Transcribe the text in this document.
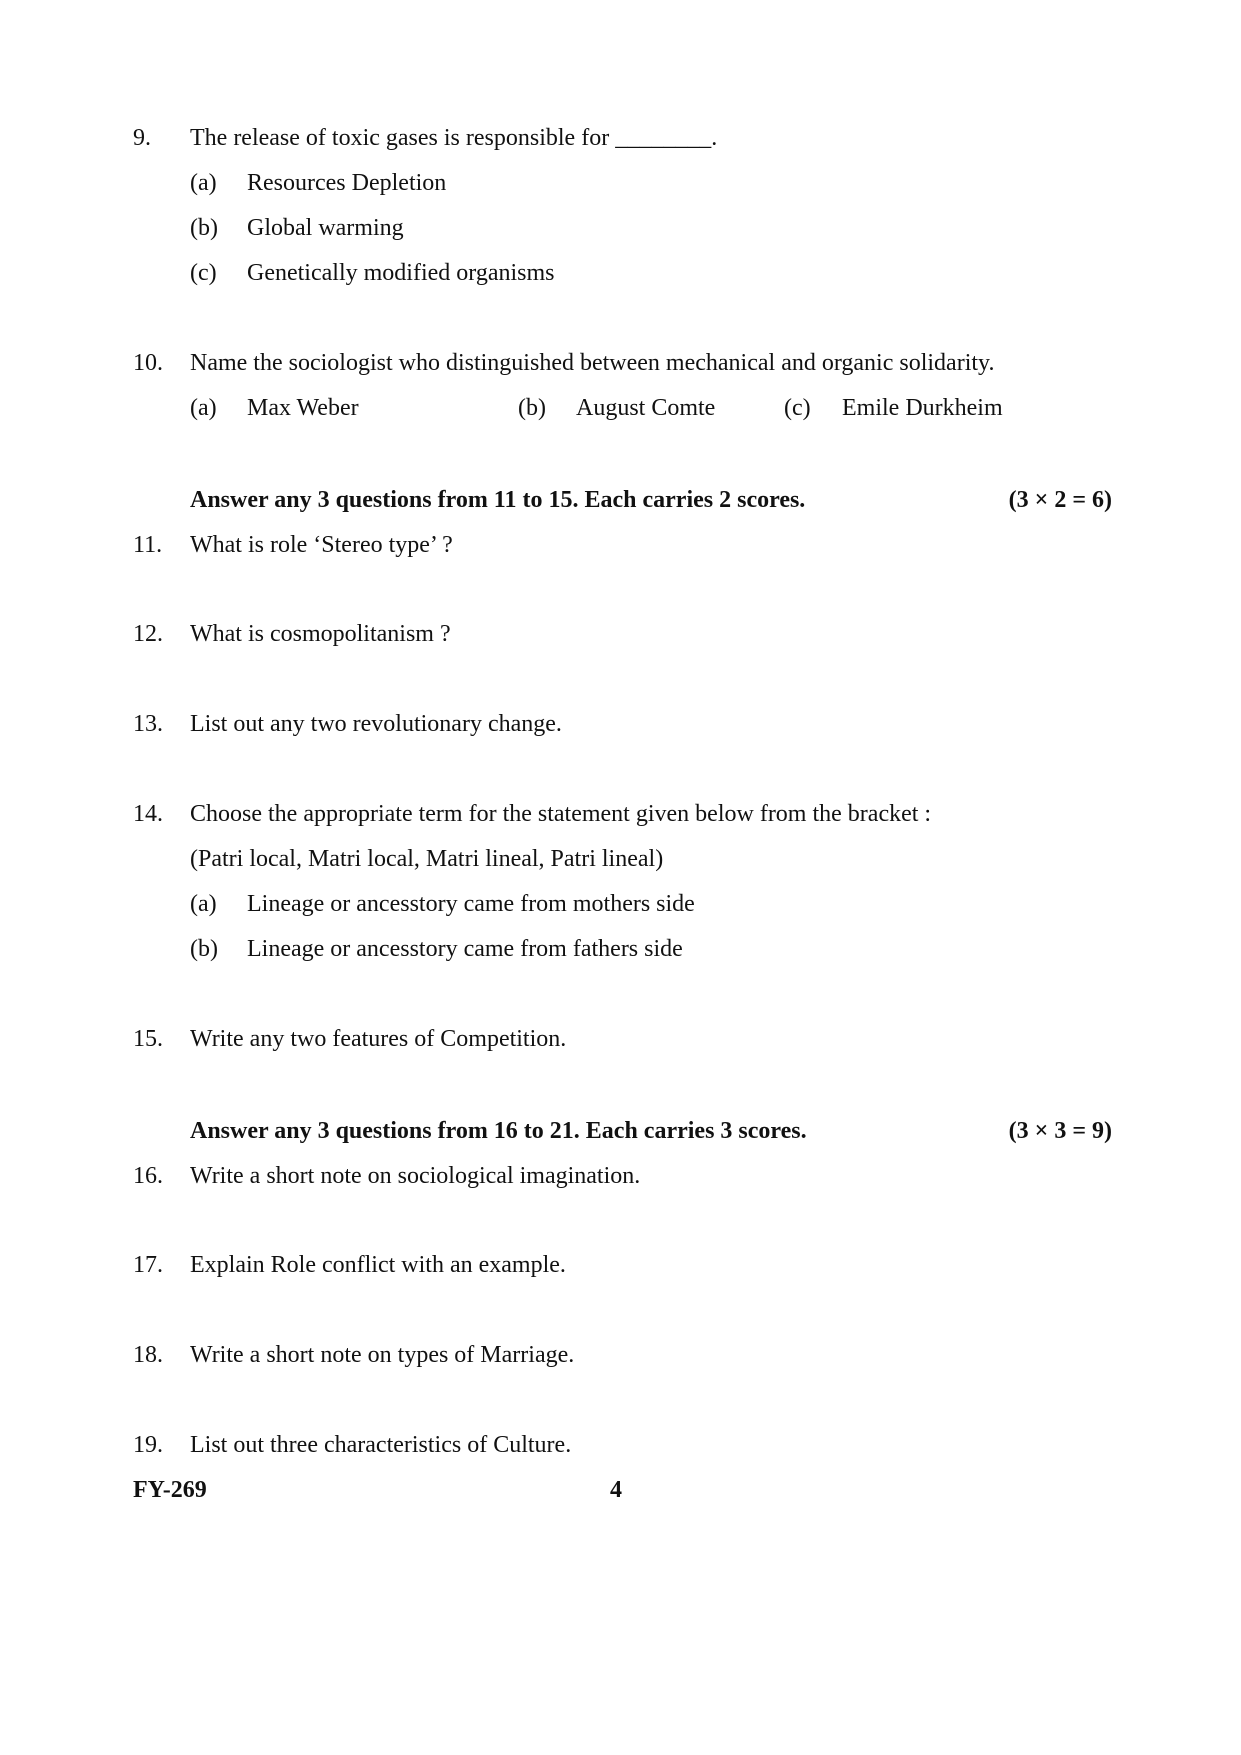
9. The release of toxic gases is responsible for ________.
(a) Resources Depletion
(b) Global warming
(c) Genetically modified organisms
10. Name the sociologist who distinguished between mechanical and organic solidarity.
(a) Max Weber	(b) August Comte	(c) Emile Durkheim
Answer any 3 questions from 11 to 15. Each carries 2 scores.	(3 × 2 = 6)
11. What is role ‘Stereo type’ ?
12. What is cosmopolitanism ?
13. List out any two revolutionary change.
14. Choose the appropriate term for the statement given below from the bracket :
(Patri local, Matri local, Matri lineal, Patri lineal)
(a) Lineage or ancesstory came from mothers side
(b) Lineage or ancesstory came from fathers side
15. Write any two features of Competition.
Answer any 3 questions from 16 to 21. Each carries 3 scores.	(3 × 3 = 9)
16. Write a short note on sociological imagination.
17. Explain Role conflict with an example.
18. Write a short note on types of Marriage.
19. List out three characteristics of Culture.
FY-269	4
